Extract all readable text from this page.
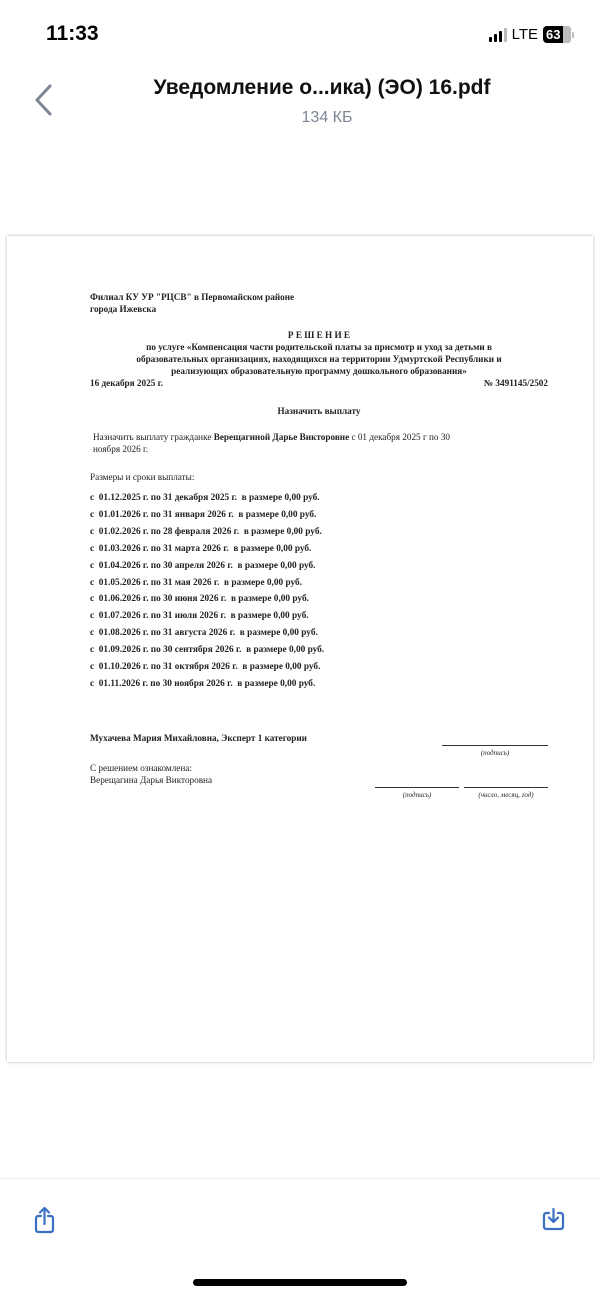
11:33	LTE 63
Уведомление о...ика) (ЭО) 16.pdf
134 КБ
Филиал КУ УР "РЦСВ" в Первомайском районе
города Ижевска
Р Е Ш Е Н И Е
по услуге «Компенсация части родительской платы за присмотр и уход за детьми в
образовательных организациях, находящихся на территории Удмуртской Республики и
реализующих образовательную программу дошкольного образования»
16 декабря 2025 г.	№ 3491145/2502
Назначить выплату
Назначить выплату гражданке Верещагиной Дарье Викторовне с 01 декабря 2025 г по 30
ноября 2026 г.
Размеры и сроки выплаты:
с  01.12.2025 г. по 31 декабря 2025 г.  в размере 0,00 руб.
с  01.01.2026 г. по 31 января 2026 г.  в размере 0,00 руб.
с  01.02.2026 г. по 28 февраля 2026 г.  в размере 0,00 руб.
с  01.03.2026 г. по 31 марта 2026 г.  в размере 0,00 руб.
с  01.04.2026 г. по 30 апреля 2026 г.  в размере 0,00 руб.
с  01.05.2026 г. по 31 мая 2026 г.  в размере 0,00 руб.
с  01.06.2026 г. по 30 июня 2026 г.  в размере 0,00 руб.
с  01.07.2026 г. по 31 июля 2026 г.  в размере 0,00 руб.
с  01.08.2026 г. по 31 августа 2026 г.  в размере 0,00 руб.
с  01.09.2026 г. по 30 сентября 2026 г.  в размере 0,00 руб.
с  01.10.2026 г. по 31 октября 2026 г.  в размере 0,00 руб.
с  01.11.2026 г. по 30 ноября 2026 г.  в размере 0,00 руб.
Мухачева Мария Михайловна, Эксперт 1 категории
(подпись)
С решением ознакомлена:
Верещагина Дарья Викторовна
(подпись)	(число, месяц, год)
